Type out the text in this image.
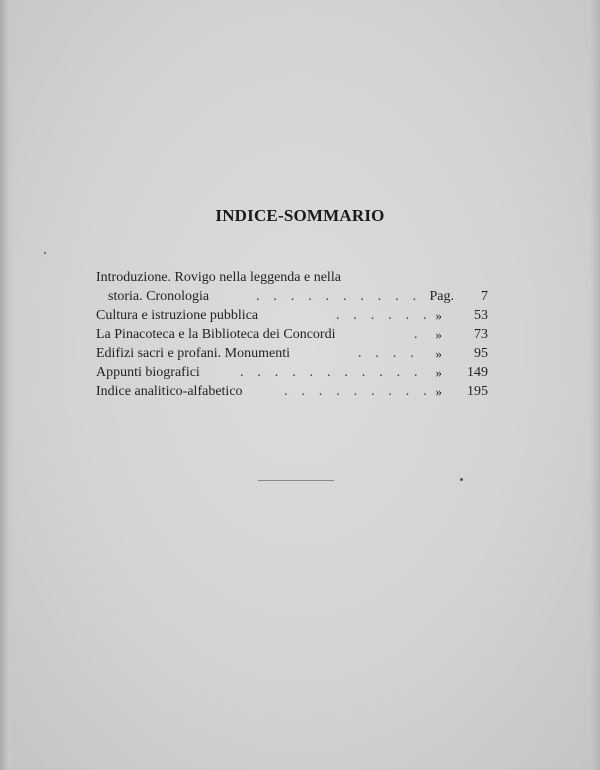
INDICE-SOMMARIO
Introduzione. Rovigo nella leggenda e nella
storia. Cronologia	. . . . . . . . . . Pag. 7
Cultura e istruzione pubblica	. . . . . . » 53
La Pinacoteca e la Biblioteca dei Concordi	. » 73
Edifizi sacri e profani. Monumenti	. . . . » 95
Appunti biografici	. . . . . . . . . . . » 149
Indice analitico-alfabetico	. . . . . . . . . » 195
